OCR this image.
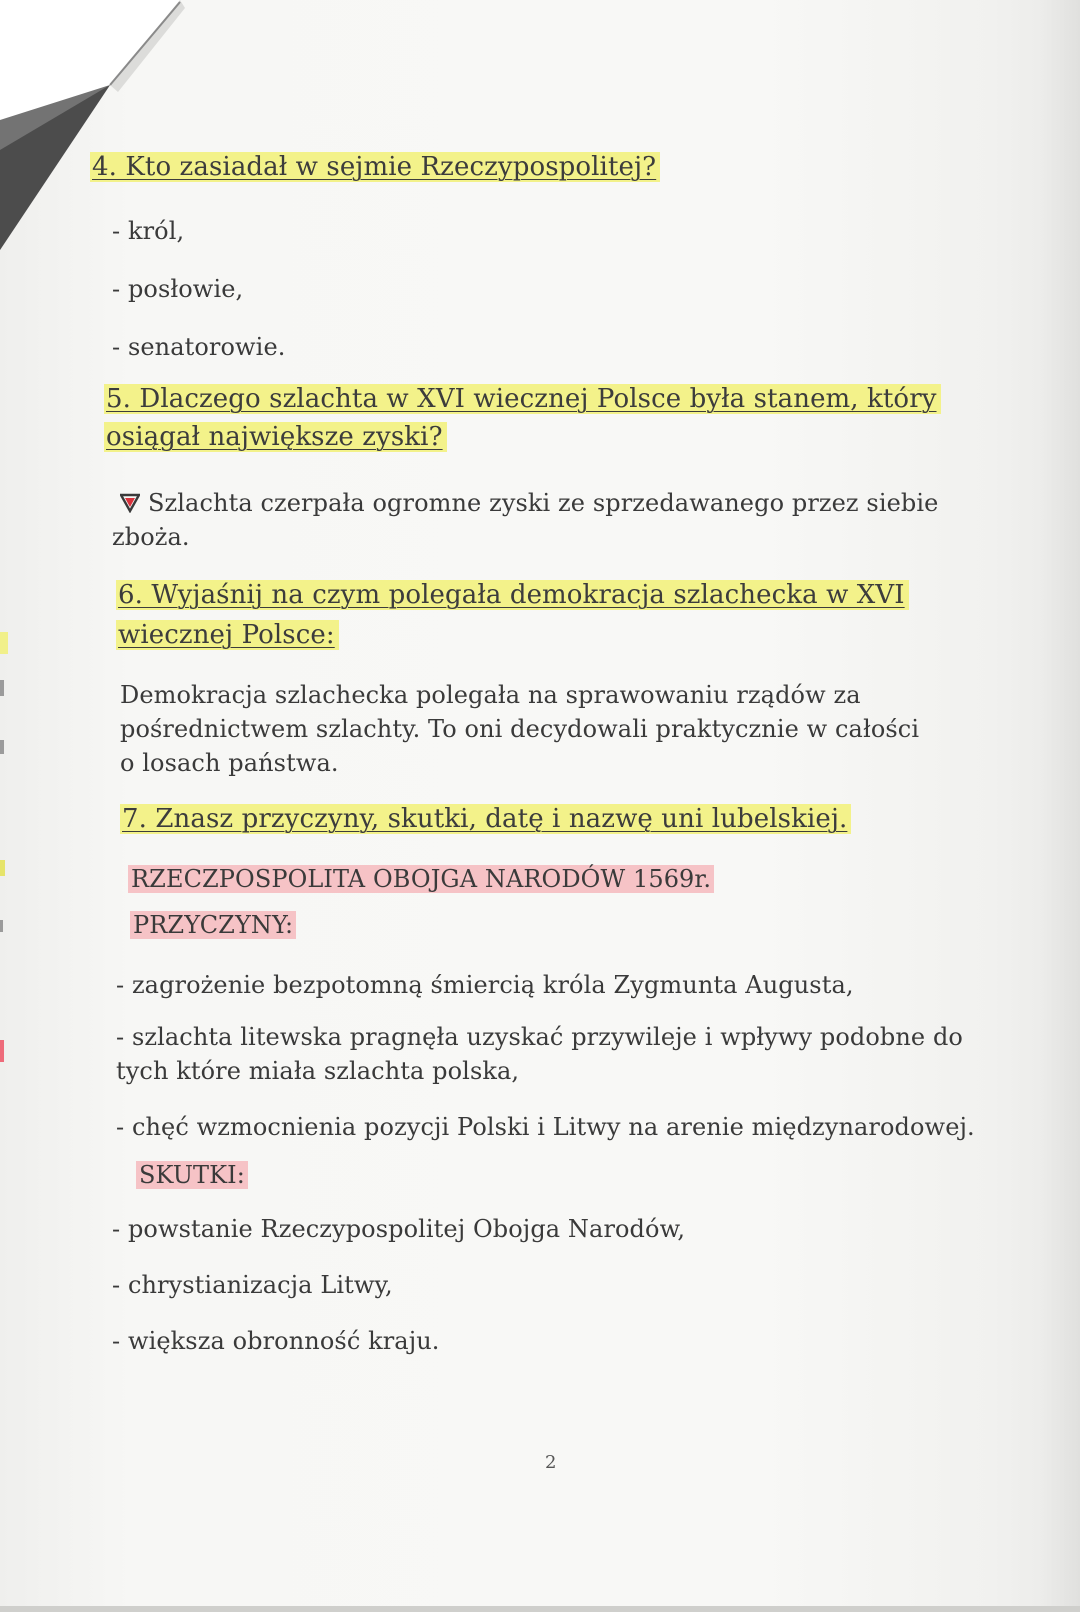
4. Kto zasiadał w sejmie Rzeczypospolitej?
- król,
- posłowie,
- senatorowie.
5. Dlaczego szlachta w XVI wiecznej Polsce była stanem, który
osiągał największe zyski?
Szlachta czerpała ogromne zyski ze sprzedawanego przez siebie
zboża.
6. Wyjaśnij na czym polegała demokracja szlachecka w XVI
wiecznej Polsce:
Demokracja szlachecka polegała na sprawowaniu rządów za
pośrednictwem szlachty. To oni decydowali praktycznie w całości
o losach państwa.
7. Znasz przyczyny, skutki, datę i nazwę uni lubelskiej.
RZECZPOSPOLITA OBOJGA NARODÓW 1569r.
PRZYCZYNY:
- zagrożenie bezpotomną śmiercią króla Zygmunta Augusta,
- szlachta litewska pragnęła uzyskać przywileje i wpływy podobne do
tych które miała szlachta polska,
- chęć wzmocnienia pozycji Polski i Litwy na arenie międzynarodowej.
SKUTKI:
- powstanie Rzeczypospolitej Obojga Narodów,
- chrystianizacja Litwy,
- większa obronność kraju.
2
